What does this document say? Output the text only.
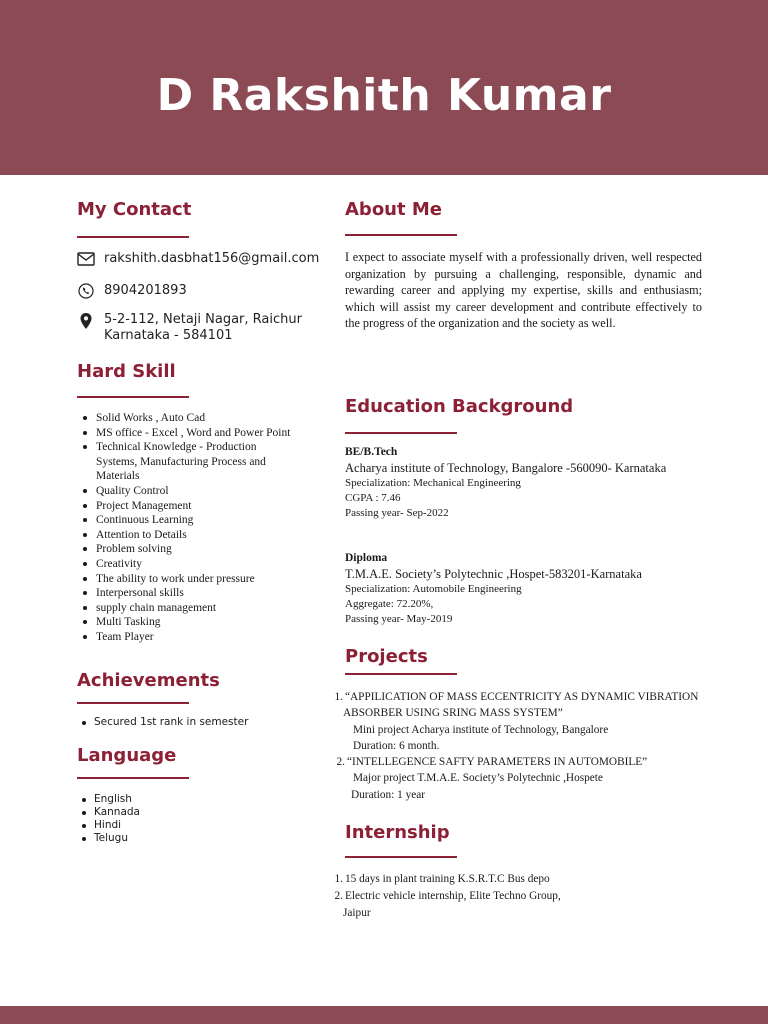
D Rakshith Kumar
My Contact
rakshith.dasbhat156@gmail.com
8904201893
5-2-112, Netaji Nagar, Raichur
Karnataka - 584101
Hard Skill
Solid Works , Auto Cad
MS office - Excel , Word and Power Point
Technical Knowledge - Production Systems, Manufacturing Process and Materials
Quality Control
Project Management
Continuous Learning
Attention to Details
Problem solving
Creativity
The ability to work under pressure
Interpersonal skills
supply chain management
Multi Tasking
Team Player
Achievements
Secured 1st rank in semester
Language
English
Kannada
Hindi
Telugu
About Me
I expect to associate myself with a professionally driven, well respected organization by pursuing a challenging, responsible, dynamic and rewarding career and applying my expertise, skills and enthusiasm; which will assist my career development and contribute effectively to the progress of the organization and the society as well.
Education Background
BE/B.Tech
Acharya institute of Technology, Bangalore -560090- Karnataka
Specialization: Mechanical Engineering
CGPA : 7.46
Passing year- Sep-2022
Diploma
T.M.A.E. Society’s Polytechnic ,Hospet-583201-Karnataka
Specialization: Automobile Engineering
Aggregate: 72.20%,
Passing year- May-2019
Projects
1. “APPILICATION OF MASS ECCENTRICITY AS DYNAMIC VIBRATION
ABSORBER USING SRING MASS SYSTEM”
Mini project Acharya institute of Technology, Bangalore
Duration: 6 month.
2. “INTELLEGENCE SAFTY PARAMETERS IN AUTOMOBILE”
Major project T.M.A.E. Society’s Polytechnic ,Hospete
Duration: 1 year
Internship
1. 15 days in plant training K.S.R.T.C Bus depo
2. Electric vehicle internship, Elite Techno Group,
Jaipur
